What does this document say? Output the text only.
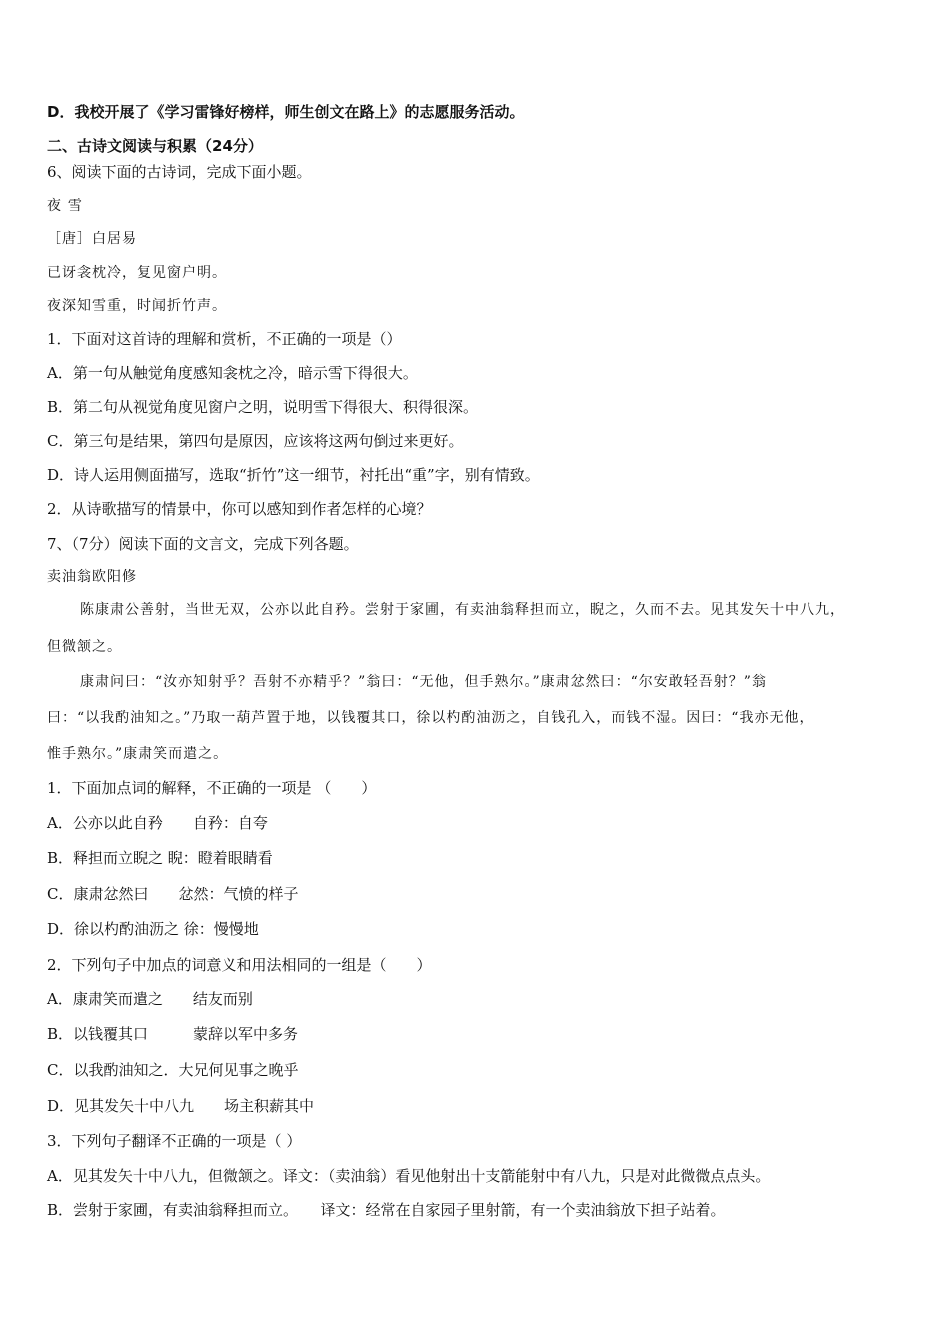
D．我校开展了《学习雷锋好榜样，师生创文在路上》的志愿服务活动。
二、古诗文阅读与积累（24分）
6、阅读下面的古诗词，完成下面小题。
夜 雪
［唐］白居易
已讶衾枕冷，复见窗户明。
夜深知雪重，时闻折竹声。
1．下面对这首诗的理解和赏析，不正确的一项是（）
A．第一句从触觉角度感知衾枕之冷，暗示雪下得很大。
B．第二句从视觉角度见窗户之明，说明雪下得很大、积得很深。
C．第三句是结果，第四句是原因，应该将这两句倒过来更好。
D．诗人运用侧面描写，选取“折竹”这一细节，衬托出“重”字，别有情致。
2．从诗歌描写的情景中，你可以感知到作者怎样的心境？
7、（7分）阅读下面的文言文，完成下列各题。
卖油翁欧阳修
陈康肃公善射，当世无双，公亦以此自矜。尝射于家圃，有卖油翁释担而立，睨之，久而不去。见其发矢十中八九，
但微颔之。
康肃问曰：“汝亦知射乎？吾射不亦精乎？”翁曰：“无他，但手熟尔。”康肃忿然曰：“尔安敢轻吾射？”翁
曰：“以我酌油知之。”乃取一葫芦置于地，以钱覆其口，徐以杓酌油沥之，自钱孔入，而钱不湿。因曰：“我亦无他，
惟手熟尔。”康肃笑而遣之。
1．下面加点词的解释，不正确的一项是 （　　）
A．公亦以此自矜　　自矜：自夸
B．释担而立睨之 睨：瞪着眼睛看
C．康肃忿然曰　　忿然：气愤的样子
D．徐以杓酌油沥之 徐：慢慢地
2．下列句子中加点的词意义和用法相同的一组是（　　）
A．康肃笑而遣之　　结友而别
B．以钱覆其口　　　蒙辞以军中多务
C．以我酌油知之．大兄何见事之晚乎
D．见其发矢十中八九　　场主积薪其中
3．下列句子翻译不正确的一项是（ ）
A．见其发矢十中八九，但微颔之。译文：（卖油翁）看见他射出十支箭能射中有八九，只是对此微微点点头。
B．尝射于家圃，有卖油翁释担而立。　　译文：经常在自家园子里射箭，有一个卖油翁放下担子站着。
